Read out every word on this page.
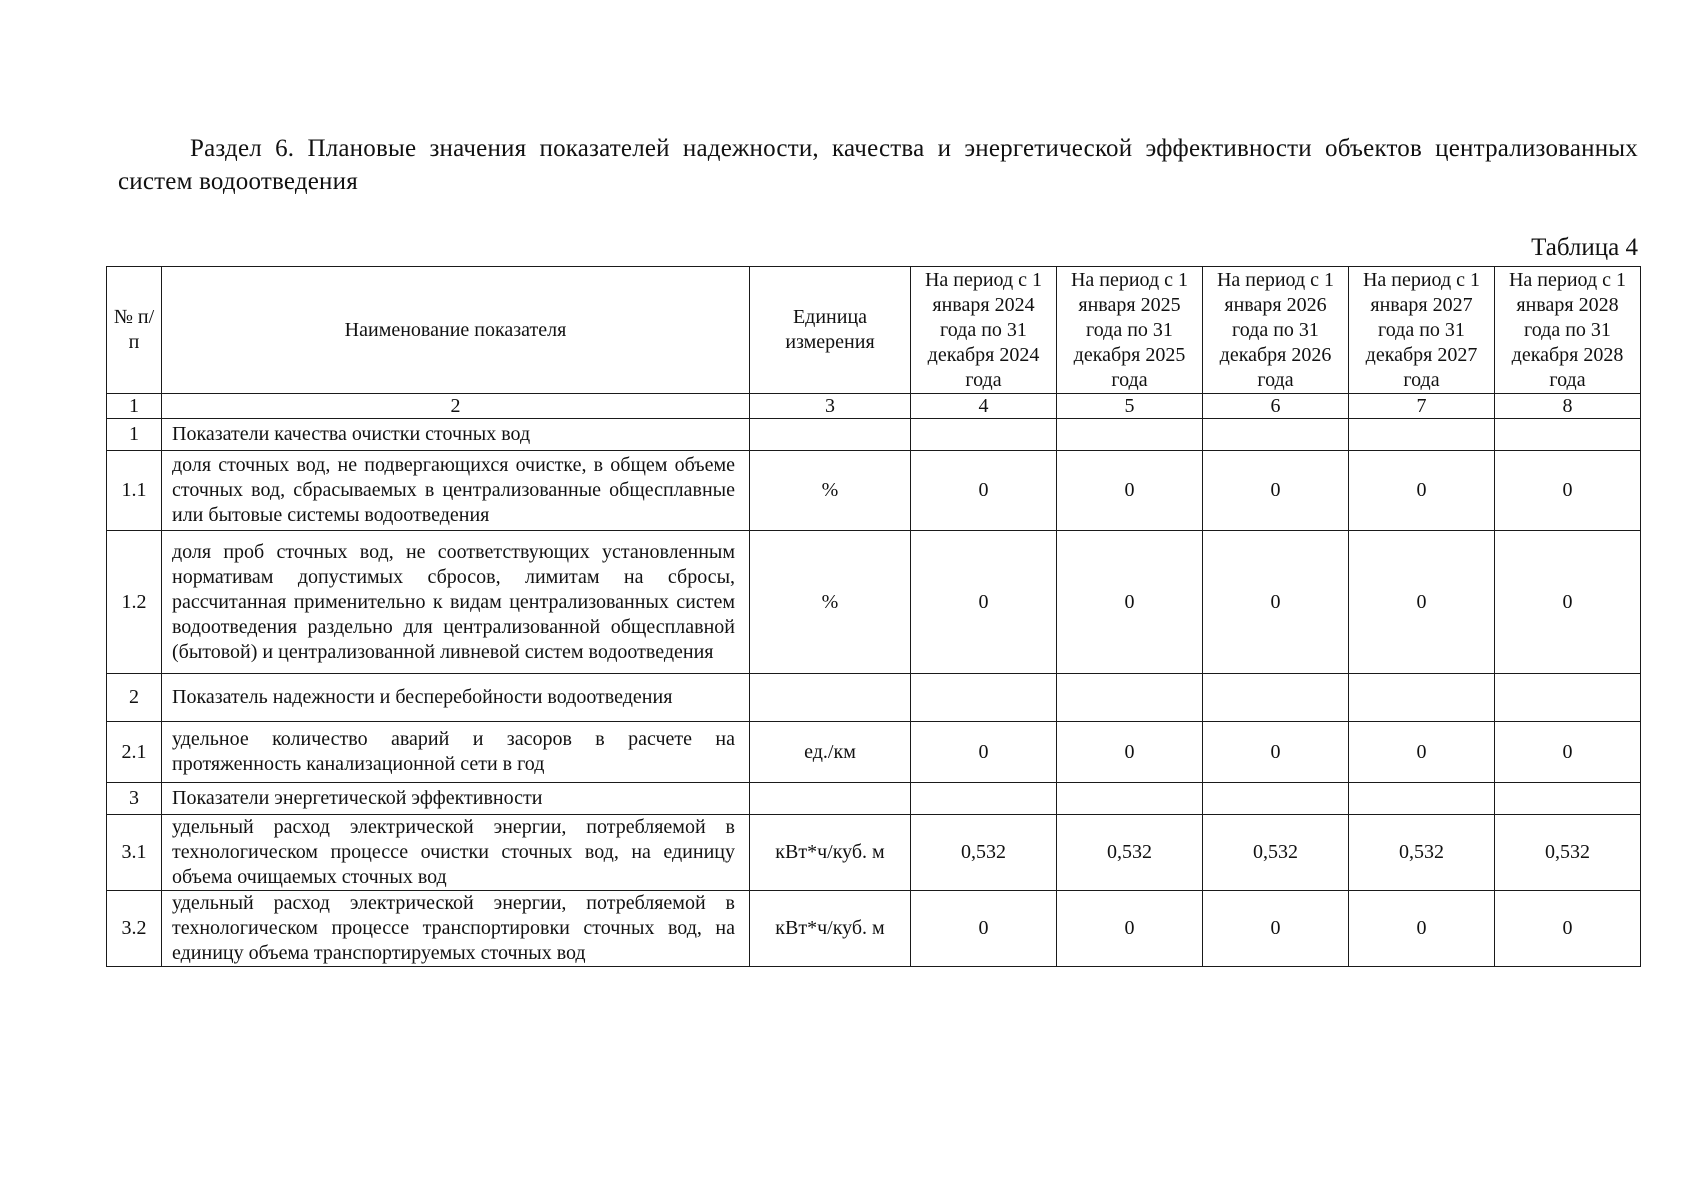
Раздел 6. Плановые значения показателей надежности, качества и энергетической эффективности объектов централизованных систем водоотведения
Таблица 4
№ п/п	Наименование показателя	Единица измерения	На период с 1 января 2024 года по 31 декабря 2024 года	На период с 1 января 2025 года по 31 декабря 2025 года	На период с 1 января 2026 года по 31 декабря 2026 года	На период с 1 января 2027 года по 31 декабря 2027 года	На период с 1 января 2028 года по 31 декабря 2028 года
1	2	3	4	5	6	7	8
1	Показатели качества очистки сточных вод						
1.1	доля сточных вод, не подвергающихся очистке, в общем объеме сточных вод, сбрасываемых в централизованные общесплавные или бытовые системы водоотведения	%	0	0	0	0	0
1.2	доля проб сточных вод, не соответствующих установленным нормативам допустимых сбросов, лимитам на сбросы, рассчитанная применительно к видам централизованных систем водоотведения раздельно для централизованной общесплавной (бытовой) и централизованной ливневой систем водоотведения	%	0	0	0	0	0
2	Показатель надежности и бесперебойности водоотведения						
2.1	удельное количество аварий и засоров в расчете на протяженность канализационной сети в год	ед./км	0	0	0	0	0
3	Показатели энергетической эффективности						
3.1	удельный расход электрической энергии, потребляемой в технологическом процессе очистки сточных вод, на единицу объема очищаемых сточных вод	кВт*ч/куб. м	0,532	0,532	0,532	0,532	0,532
3.2	удельный расход электрической энергии, потребляемой в технологическом процессе транспортировки сточных вод, на единицу объема транспортируемых сточных вод	кВт*ч/куб. м	0	0	0	0	0
